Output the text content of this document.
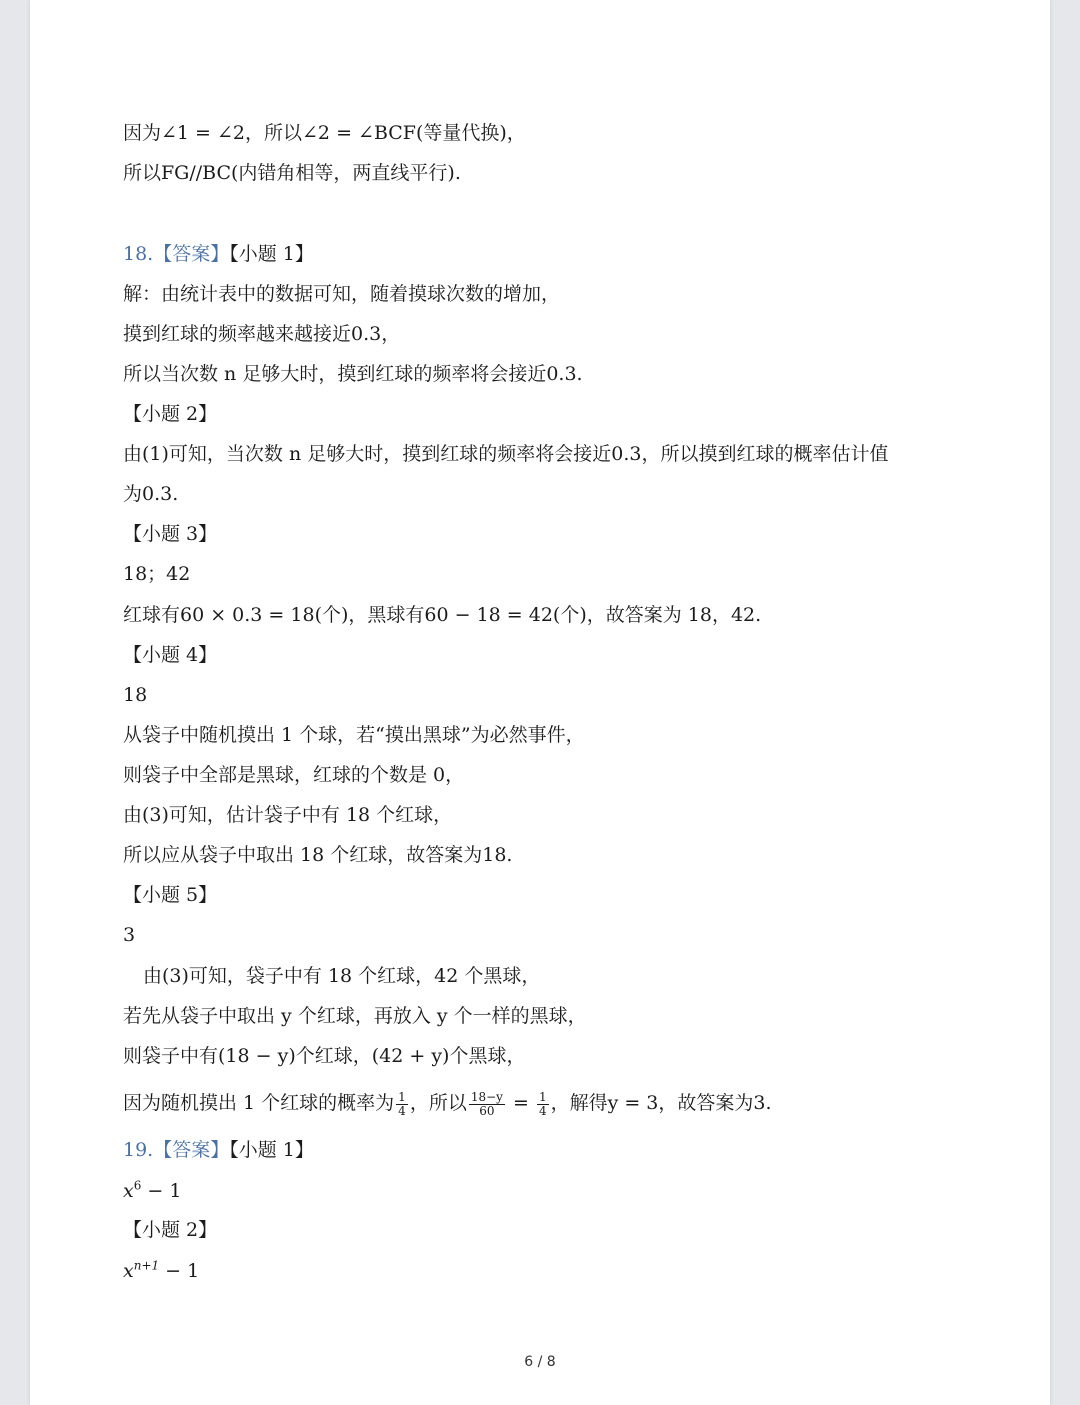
因为∠1 = ∠2，所以∠2 = ∠BCF(等量代换)，
所以FG//BC(内错角相等，两直线平行).
18.【答案】【小题 1】
解：由统计表中的数据可知，随着摸球次数的增加，
摸到红球的频率越来越接近0.3，
所以当次数 n 足够大时，摸到红球的频率将会接近0.3.
【小题 2】
由(1)可知，当次数 n 足够大时，摸到红球的频率将会接近0.3，所以摸到红球的概率估计值
为0.3.
【小题 3】
18；42
红球有60 × 0.3 = 18(个)，黑球有60 − 18 = 42(个)，故答案为 18，42.
【小题 4】
18
从袋子中随机摸出 1 个球，若“摸出黑球”为必然事件，
则袋子中全部是黑球，红球的个数是 0，
由(3)可知，估计袋子中有 18 个红球，
所以应从袋子中取出 18 个红球，故答案为18.
【小题 5】
3
由(3)可知，袋子中有 18 个红球，42 个黑球，
若先从袋子中取出 y 个红球，再放入 y 个一样的黑球，
则袋子中有(18 − y)个红球，(42 + y)个黑球，
因为随机摸出 1 个红球的概率为 $\frac{1}{4}$ ，所以 $\frac{18-y}{60} = \frac{1}{4}$ ，解得y = 3，故答案为3.
19.【答案】【小题 1】
$x^6 - 1$
【小题 2】
$x^{n+1} - 1$
6 / 8
